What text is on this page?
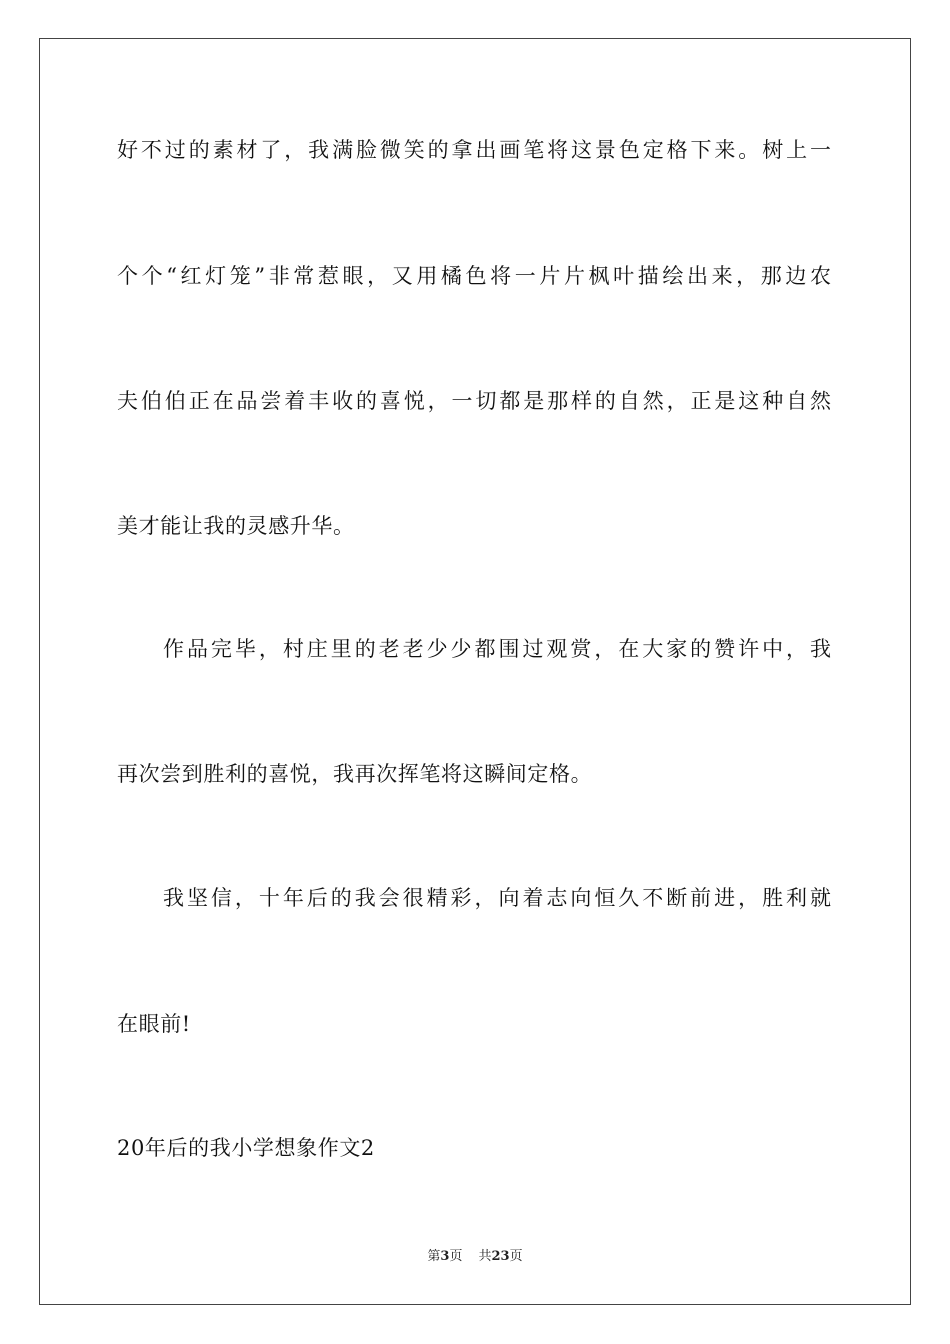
好不过的素材了，我满脸微笑的拿出画笔将这景色定格下来。树上一
个个“红灯笼”非常惹眼，又用橘色将一片片枫叶描绘出来，那边农
夫伯伯正在品尝着丰收的喜悦，一切都是那样的自然，正是这种自然
美才能让我的灵感升华。
作品完毕，村庄里的老老少少都围过观赏，在大家的赞许中，我
再次尝到胜利的喜悦，我再次挥笔将这瞬间定格。
我坚信，十年后的我会很精彩，向着志向恒久不断前进，胜利就
在眼前!
20年后的我小学想象作文2
第3页 共23页
